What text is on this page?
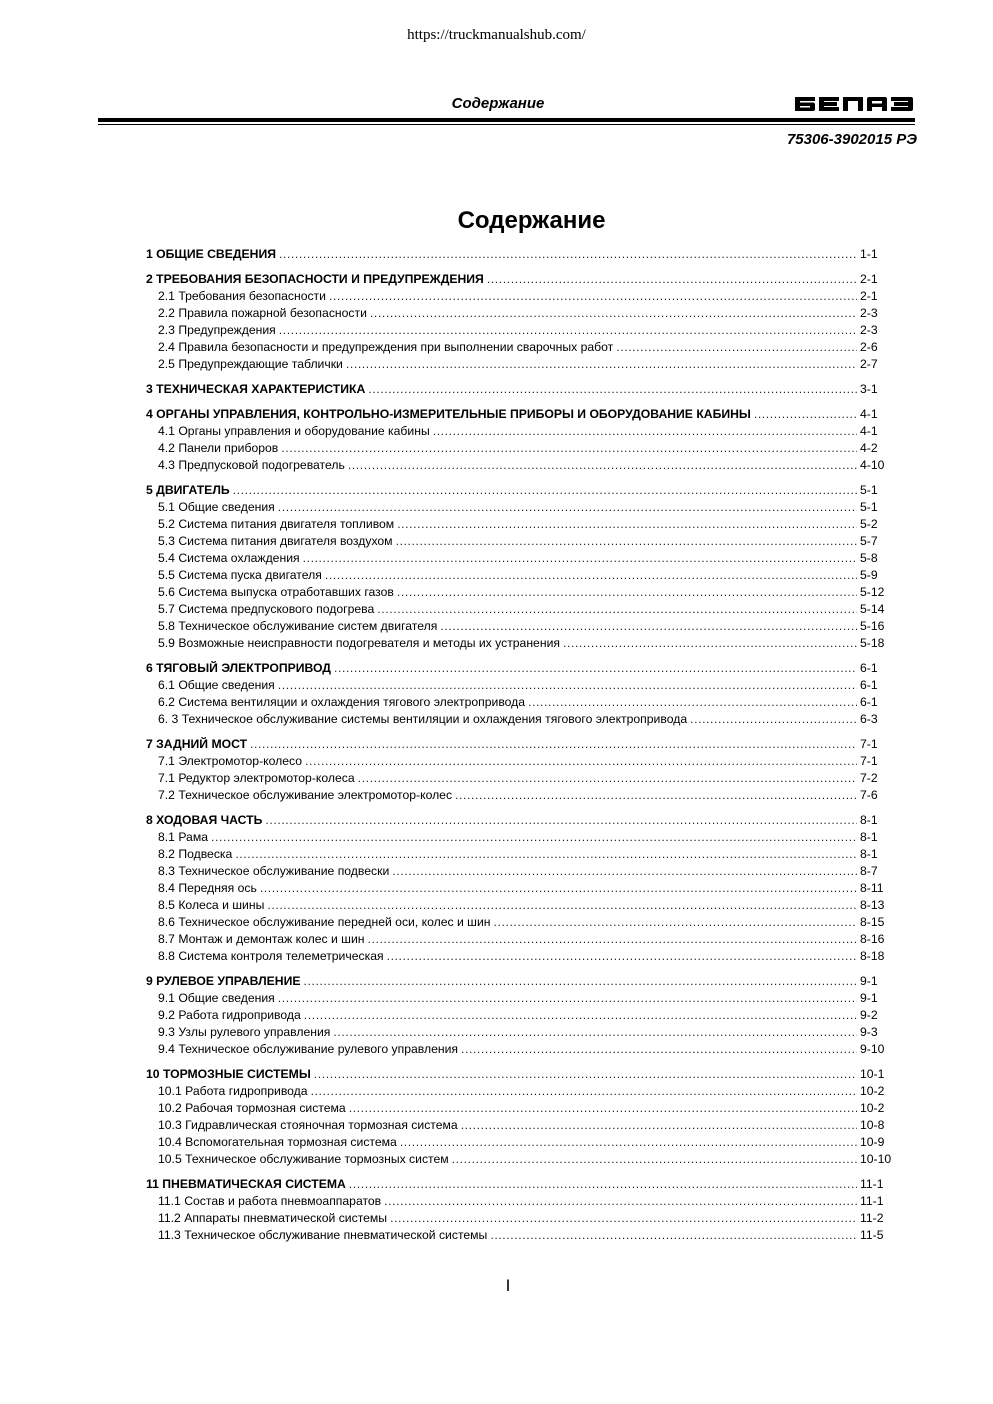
https://truckmanualshub.com/
Содержание
75306-3902015 РЭ
Содержание
1 ОБЩИЕ СВЕДЕНИЯ .....	1-1
2 ТРЕБОВАНИЯ БЕЗОПАСНОСТИ И ПРЕДУПРЕЖДЕНИЯ .....	2-1
2.1 Требования безопасности .....	2-1
2.2 Правила пожарной безопасности .....	2-3
2.3 Предупреждения .....	2-3
2.4 Правила безопасности и предупреждения при выполнении сварочных работ .....	2-6
2.5 Предупреждающие таблички .....	2-7
3 ТЕХНИЧЕСКАЯ ХАРАКТЕРИСТИКА .....	3-1
4 ОРГАНЫ УПРАВЛЕНИЯ, КОНТРОЛЬНО-ИЗМЕРИТЕЛЬНЫЕ ПРИБОРЫ И ОБОРУДОВАНИЕ КАБИНЫ .....	4-1
4.1 Органы управления и оборудование кабины .....	4-1
4.2 Панели приборов .....	4-2
4.3 Предпусковой подогреватель .....	4-10
5 ДВИГАТЕЛЬ .....	5-1
5.1 Общие сведения .....	5-1
5.2 Система питания двигателя топливом .....	5-2
5.3 Система питания двигателя воздухом .....	5-7
5.4 Система охлаждения .....	5-8
5.5 Система пуска двигателя .....	5-9
5.6 Система выпуска отработавших газов .....	5-12
5.7 Система предпускового подогрева .....	5-14
5.8 Техническое обслуживание систем двигателя .....	5-16
5.9 Возможные неисправности подогревателя и методы их устранения .....	5-18
6 ТЯГОВЫЙ ЭЛЕКТРОПРИВОД .....	6-1
6.1 Общие сведения .....	6-1
6.2 Система вентиляции и охлаждения тягового электропривода .....	6-1
6. 3 Техническое обслуживание системы вентиляции и охлаждения тягового электропривода .....	6-3
7 ЗАДНИЙ МОСТ .....	7-1
7.1 Электромотор-колесо .....	7-1
7.1 Редуктор электромотор-колеса .....	7-2
7.2 Техническое обслуживание электромотор-колес .....	7-6
8 ХОДОВАЯ ЧАСТЬ .....	8-1
8.1 Рама .....	8-1
8.2 Подвеска .....	8-1
8.3 Техническое обслуживание подвески .....	8-7
8.4 Передняя ось .....	8-11
8.5 Колеса и шины .....	8-13
8.6 Техническое обслуживание передней оси, колес и шин .....	8-15
8.7 Монтаж и демонтаж колес и шин .....	8-16
8.8 Система контроля телеметрическая .....	8-18
9 РУЛЕВОЕ УПРАВЛЕНИЕ .....	9-1
9.1 Общие сведения .....	9-1
9.2 Работа гидропривода .....	9-2
9.3 Узлы рулевого управления .....	9-3
9.4 Техническое обслуживание рулевого управления .....	9-10
10 ТОРМОЗНЫЕ СИСТЕМЫ .....	10-1
10.1 Работа гидропривода .....	10-2
10.2 Рабочая тормозная система .....	10-2
10.3 Гидравлическая стояночная тормозная система .....	10-8
10.4 Вспомогательная тормозная система .....	10-9
10.5 Техническое обслуживание тормозных систем .....	10-10
11 ПНЕВМАТИЧЕСКАЯ СИСТЕМА .....	11-1
11.1 Состав и работа пневмоаппаратов .....	11-1
11.2 Аппараты пневматической системы .....	11-2
11.3 Техническое обслуживание пневматической системы .....	11-5
I
